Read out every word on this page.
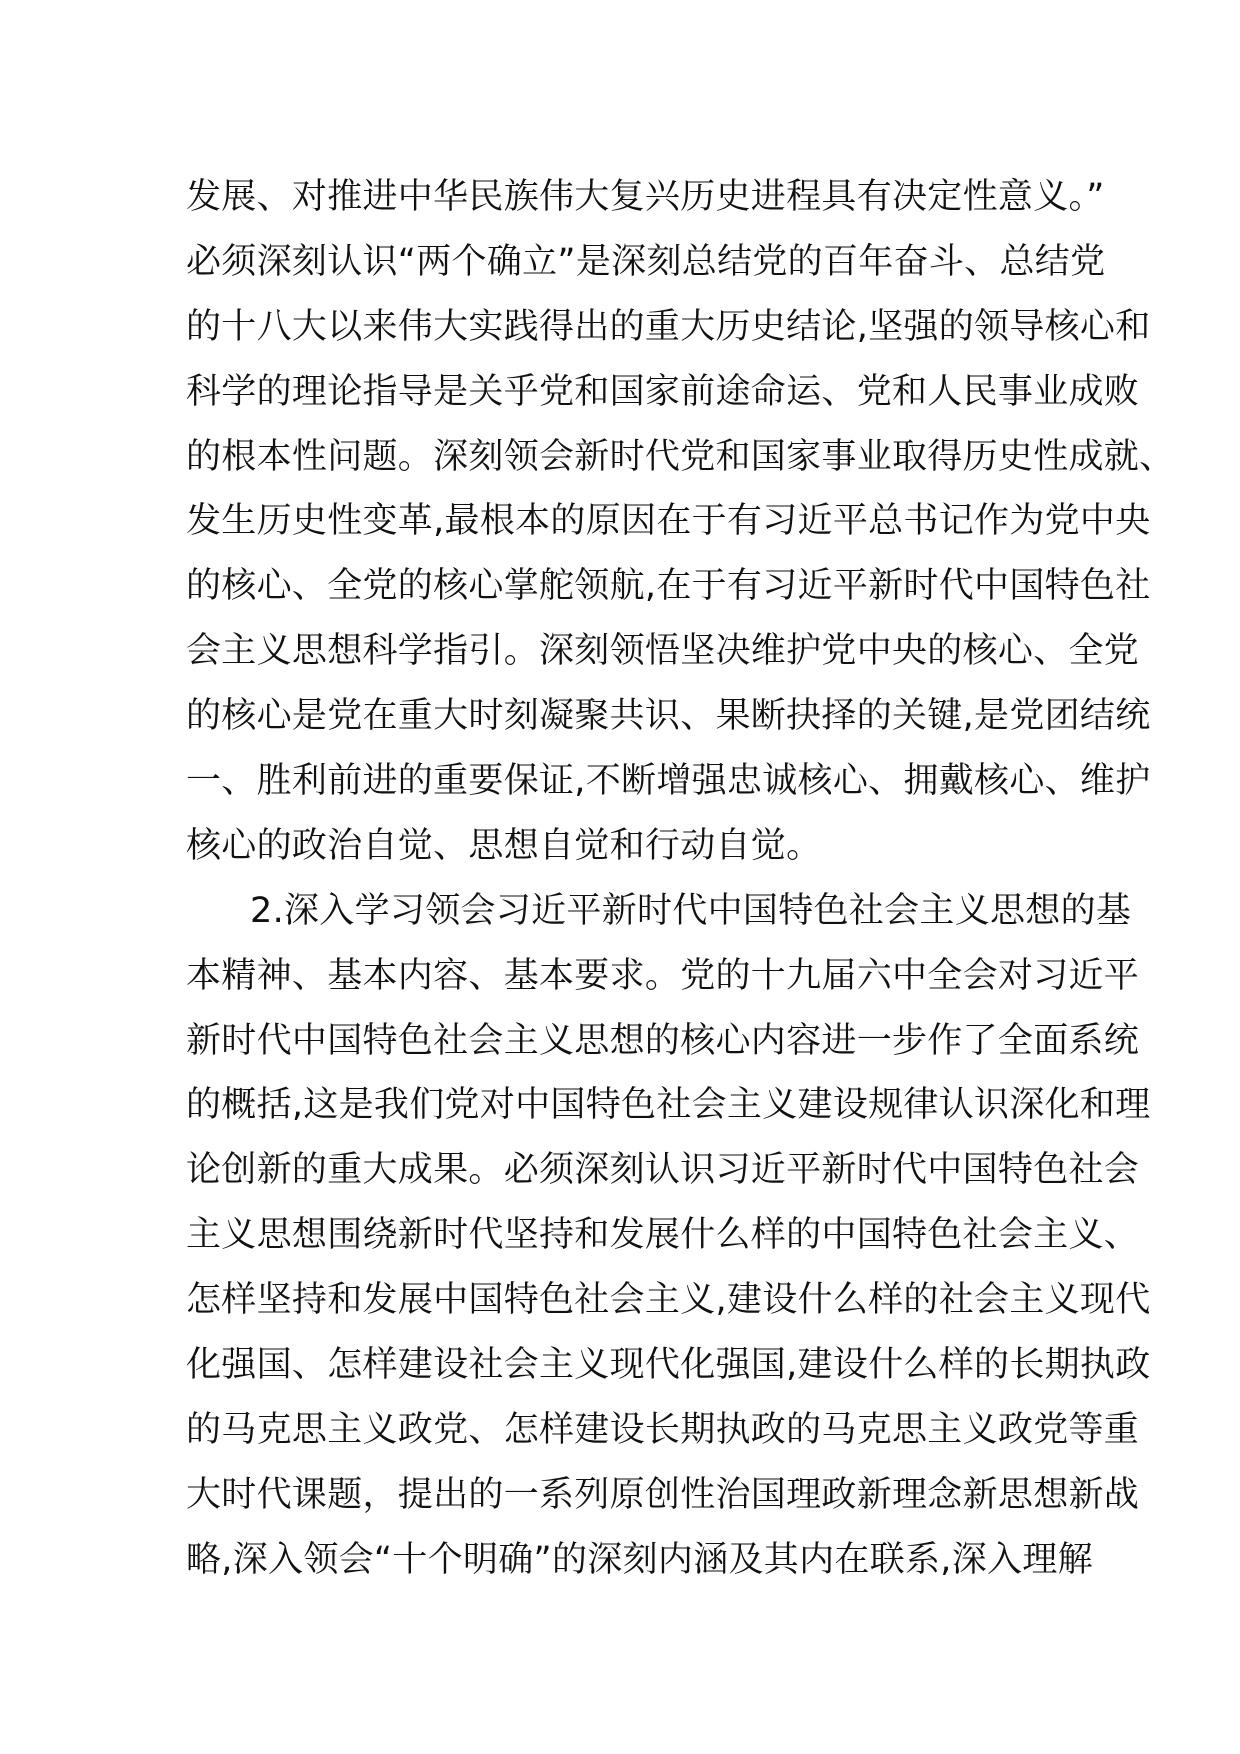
发展、对推进中华民族伟大复兴历史进程具有决定性意义。”
必须深刻认识“两个确立”是深刻总结党的百年奋斗、总结党
的十八大以来伟大实践得出的重大历史结论,坚强的领导核心和
科学的理论指导是关乎党和国家前途命运、党和人民事业成败
的根本性问题。深刻领会新时代党和国家事业取得历史性成就、
发生历史性变革,最根本的原因在于有习近平总书记作为党中央
的核心、全党的核心掌舵领航,在于有习近平新时代中国特色社
会主义思想科学指引。深刻领悟坚决维护党中央的核心、全党
的核心是党在重大时刻凝聚共识、果断抉择的关键,是党团结统
一、胜利前进的重要保证,不断增强忠诚核心、拥戴核心、维护
核心的政治自觉、思想自觉和行动自觉。
2.深入学习领会习近平新时代中国特色社会主义思想的基
本精神、基本内容、基本要求。党的十九届六中全会对习近平
新时代中国特色社会主义思想的核心内容进一步作了全面系统
的概括,这是我们党对中国特色社会主义建设规律认识深化和理
论创新的重大成果。必须深刻认识习近平新时代中国特色社会
主义思想围绕新时代坚持和发展什么样的中国特色社会主义、
怎样坚持和发展中国特色社会主义,建设什么样的社会主义现代
化强国、怎样建设社会主义现代化强国,建设什么样的长期执政
的马克思主义政党、怎样建设长期执政的马克思主义政党等重
大时代课题，提出的一系列原创性治国理政新理念新思想新战
略,深入领会“十个明确”的深刻内涵及其内在联系,深入理解
